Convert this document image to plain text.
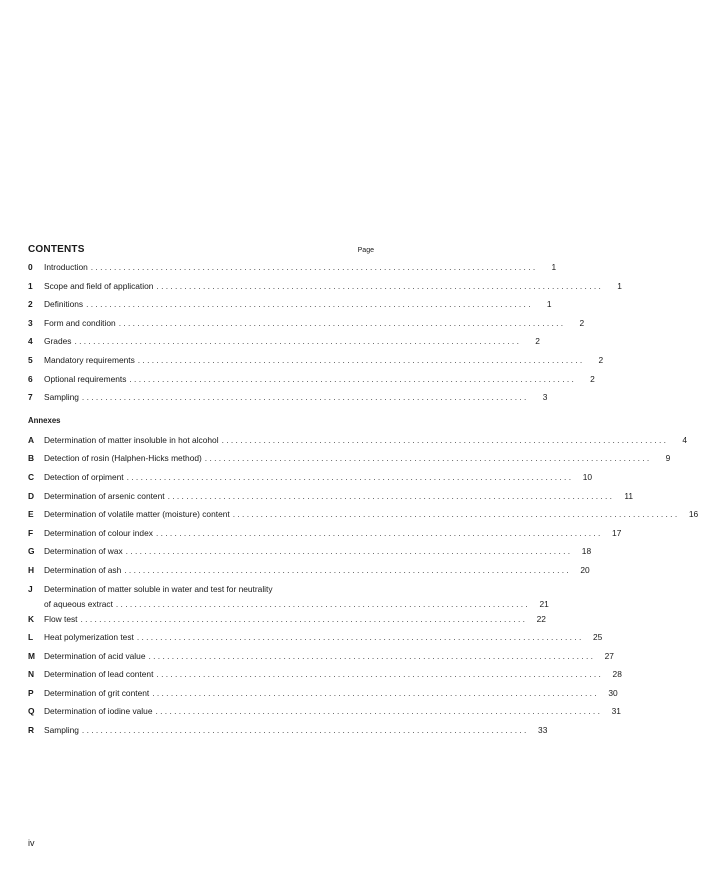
CONTENTS	Page
0	Introduction . . .	1
1	Scope and field of application . . .	1
2	Definitions . . .	1
3	Form and condition . . .	2
4	Grades . . .	2
5	Mandatory requirements . . .	2
6	Optional requirements . . .	2
7	Sampling . . .	3
Annexes
A	Determination of matter insoluble in hot alcohol . . .	4
B	Detection of rosin (Halphen-Hicks method) . . .	9
C	Detection of orpiment . . .	10
D	Determination of arsenic content . . .	11
E	Determination of volatile matter (moisture) content . . .	16
F	Determination of colour index . . .	17
G	Determination of wax . . .	18
H	Determination of ash . . .	20
J	Determination of matter soluble in water and test for neutrality
of aqueous extract . . .	21
K	Flow test . . .	22
L	Heat polymerization test . . .	25
M	Determination of acid value . . .	27
N	Determination of lead content . . .	28
P	Determination of grit content . . .	30
Q	Determination of iodine value . . .	31
R	Sampling . . .	33
iv
